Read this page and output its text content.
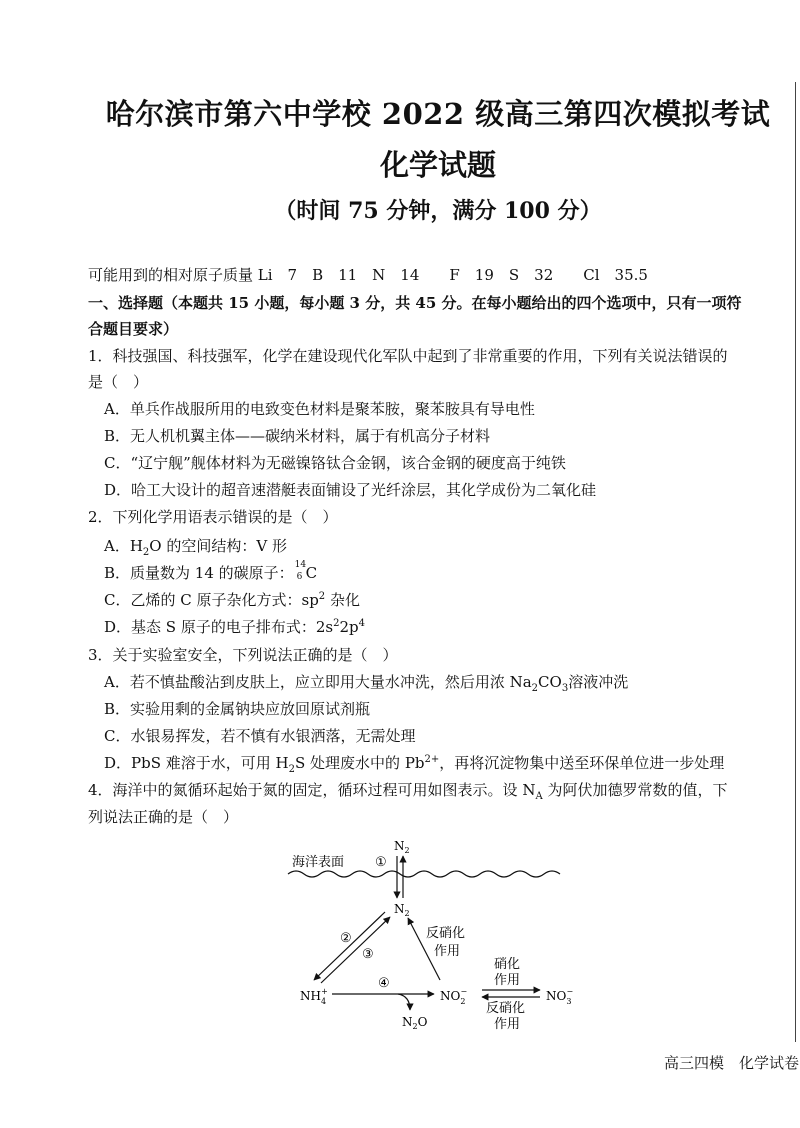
哈尔滨市第六中学校 2022 级高三第四次模拟考试
化学试题
（时间 75 分钟，满分 100 分）
可能用到的相对原子质量 Li　7　B　11　N　14　　F　19　S　32　　Cl　35.5
一、选择题（本题共 15 小题，每小题 3 分，共 45 分。在每小题给出的四个选项中，只有一项符
合题目要求）
1．科技强国、科技强军，化学在建设现代化军队中起到了非常重要的作用，下列有关说法错误的
是（　）
A．单兵作战服所用的电致变色材料是聚苯胺，聚苯胺具有导电性
B．无人机机翼主体——碳纳米材料，属于有机高分子材料
C．“辽宁舰”舰体材料为无磁镍铬钛合金钢，该合金钢的硬度高于纯铁
D．哈工大设计的超音速潜艇表面铺设了光纤涂层，其化学成份为二氧化硅
2．下列化学用语表示错误的是（　）
A．$H_2O$ 的空间结构：V 形
B．质量数为 14 的碳原子： 14
6 C
C．乙烯的 C 原子杂化方式：$sp^2$ 杂化
D．基态 S 原子的电子排布式：$2s^22p^4$
3．关于实验室安全，下列说法正确的是（　）
A．若不慎盐酸沾到皮肤上，应立即用大量水冲洗，然后用浓 $Na_2CO_3$溶液冲洗
B．实验用剩的金属钠块应放回原试剂瓶
C．水银易挥发，若不慎有水银洒落，无需处理
D．PbS 难溶于水，可用 $H_2S$ 处理废水中的 $Pb^{2+}$，再将沉淀物集中送至环保单位进一步处理
4．海洋中的氮循环起始于氮的固定，循环过程可用如图表示。设 $N_A$ 为阿伏加德罗常数的值，下
列说法正确的是（　）
海洋表面 ①
$N_2$
$N_2$
②
③
反硝化
作用
$NH_4+$
④
$N_2O$
$NO_2-$
硝化
作用
反硝化
作用
$NO_3-$
高三四模　化学试卷
